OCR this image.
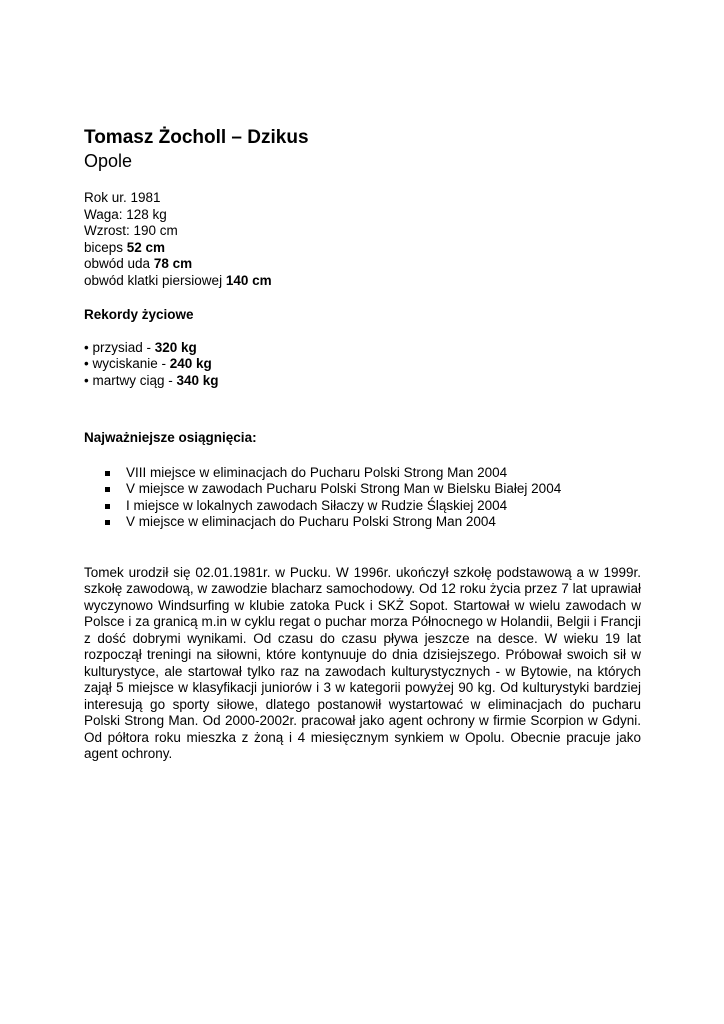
Tomasz Żocholl – Dzikus
Opole

Rok ur. 1981

Waga: 128 kg

Wzrost: 190 cm

biceps 52 cm

obwód uda 78 cm

obwód klatki piersiowej 140 cm

Rekordy życiowe

• przysiad - 320 kg

• wyciskanie - 240 kg

• martwy ciąg - 340 kg

Najważniejsze osiągnięcia:

VIII miejsce w eliminacjach do Pucharu Polski Strong Man 2004
V miejsce w zawodach Pucharu Polski Strong Man w Bielsku Białej 2004
I miejsce w lokalnych zawodach Siłaczy w Rudzie Śląskiej 2004
V miejsce w eliminacjach do Pucharu Polski Strong Man 2004

Tomek urodził się 02.01.1981r. w Pucku. W 1996r. ukończył szkołę podstawową a w 1999r. szkołę zawodową, w zawodzie blacharz samochodowy. Od 12 roku życia przez 7 lat uprawiał wyczynowo Windsurfing w klubie zatoka Puck i SKŻ Sopot. Startował w wielu zawodach w Polsce i za granicą m.in w cyklu regat o puchar morza Północnego w Holandii, Belgii i Francji z dość dobrymi wynikami. Od czasu do czasu pływa jeszcze na desce. W wieku 19 lat rozpoczął treningi na siłowni, które kontynuuje do dnia dzisiejszego. Próbował swoich sił w kulturystyce, ale startował tylko raz na zawodach kulturystycznych - w Bytowie, na których zajął 5 miejsce w klasyfikacji juniorów i 3 w kategorii powyżej 90 kg. Od kulturystyki bardziej interesują go sporty siłowe, dlatego postanowił wystartować w eliminacjach do pucharu Polski Strong Man. Od 2000-2002r. pracował jako agent ochrony w firmie Scorpion w Gdyni. Od półtora roku mieszka z żoną i 4 miesięcznym synkiem w Opolu. Obecnie pracuje jako agent ochrony.
